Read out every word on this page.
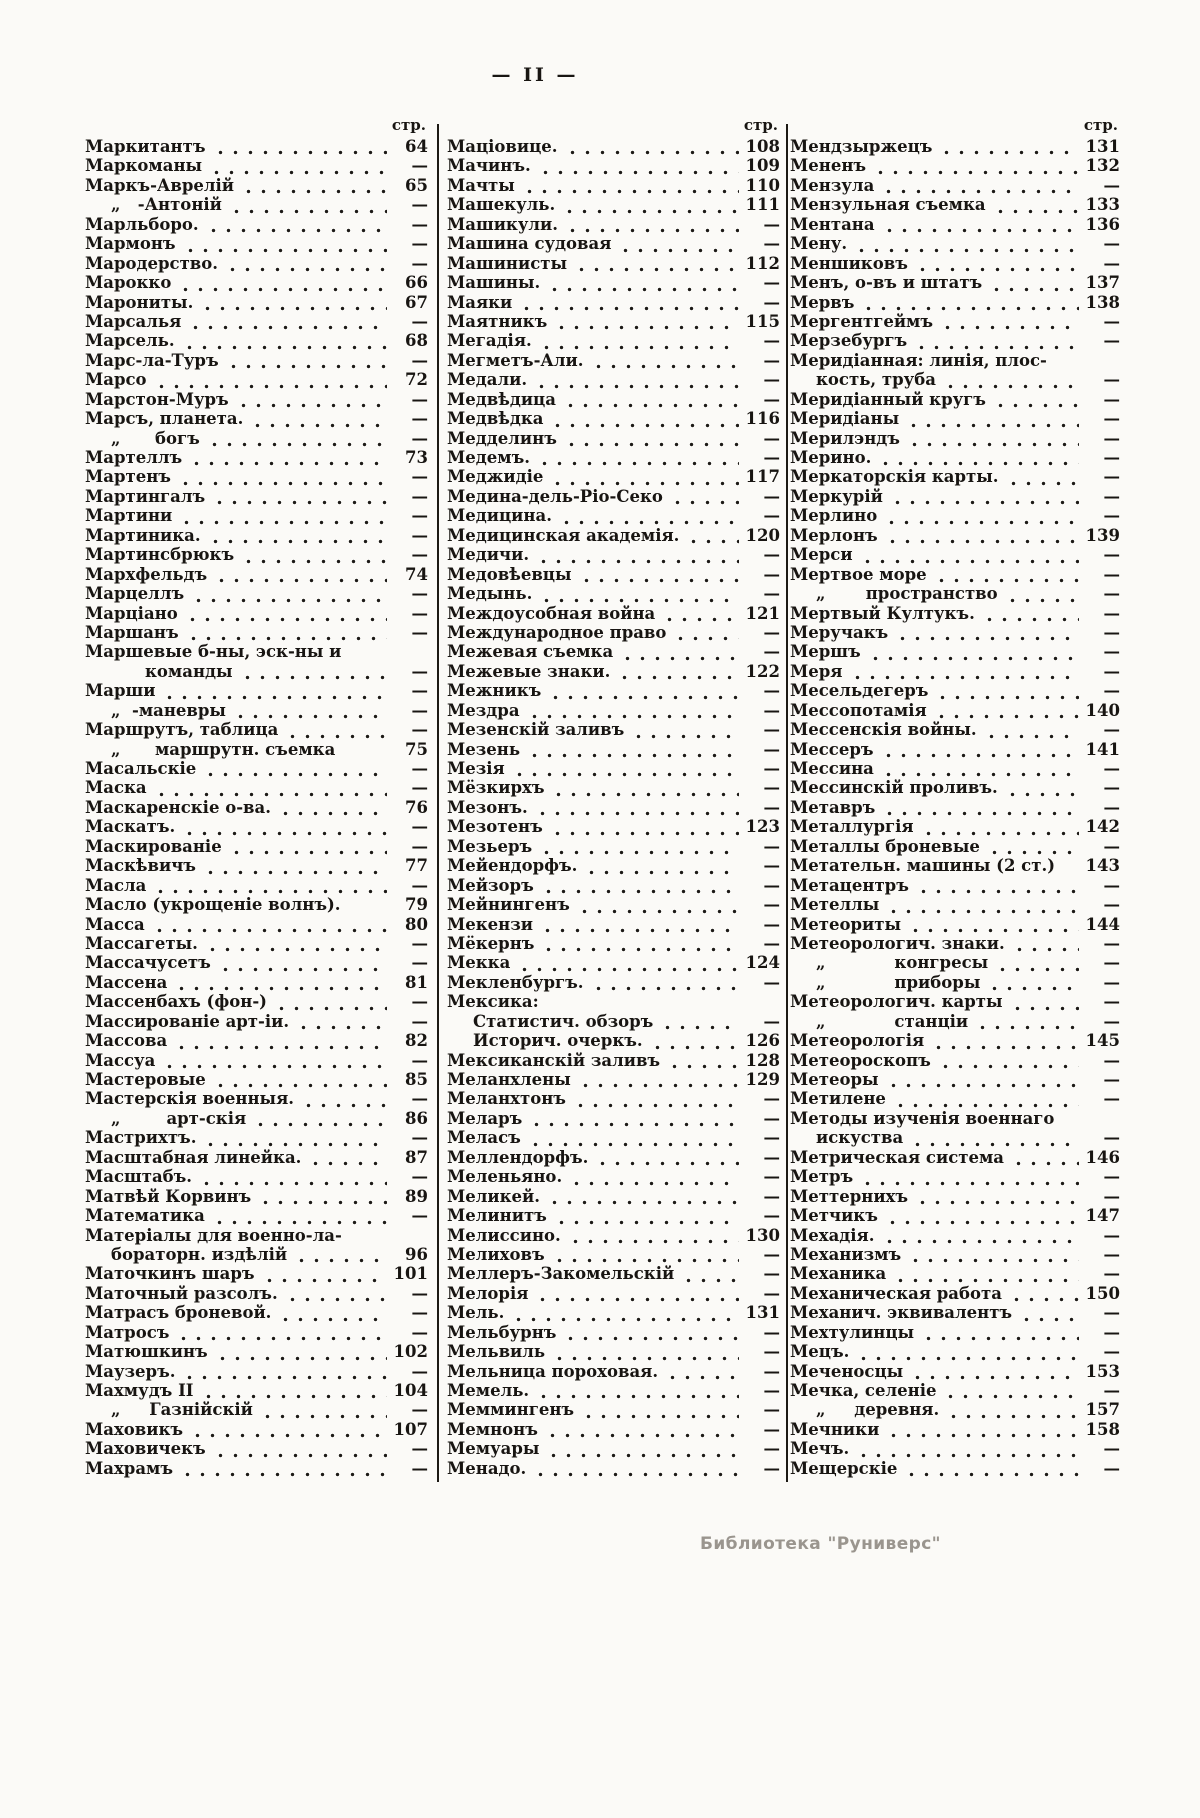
— II —
стр.
Маркитантъ	64
Маркоманы	—
Маркъ-Аврелій	65
„   -Антоній	—
Марльборо.	—
Мармонъ	—
Мародерство.	—
Марокко	66
Марониты.	67
Марсалья	—
Марсель.	68
Марс-ла-Туръ	—
Марсо	72
Марстон-Муръ	—
Марсъ, планета.	—
„      богъ	—
Мартеллъ	73
Мартенъ	—
Мартингалъ	—
Мартини	—
Мартиника.	—
Мартинсбрюкъ	—
Мархфельдъ	74
Марцеллъ	—
Марціано	—
Маршанъ	—
Маршевые б-ны, эск-ны и
команды	—
Марши	—
„  -маневры	—
Маршрутъ, таблица	—
„      маршрутн. съемка	75
Масальскіе	—
Маска	—
Маскаренскіе о-ва.	76
Маскатъ.	—
Маскированіе	—
Маскѣвичъ	77
Масла	—
Масло (укрощеніе волнъ).	79
Масса	80
Массагеты.	—
Массачусетъ	—
Массена	81
Массенбахъ (фон-)	—
Массированіе арт-іи.	—
Массова	82
Массуа	—
Мастеровые	85
Мастерскія военныя.	—
„        арт-скія	86
Мастрихтъ.	—
Масштабная линейка.	87
Масштабъ.	—
Матвѣй Корвинъ	89
Математика	—
Матеріалы для военно-ла-
бораторн. издѣлій	96
Маточкинъ шаръ	101
Маточный разсолъ.	—
Матрасъ броневой.	—
Матросъ	—
Матюшкинъ	102
Маузеръ.	—
Махмудъ II	104
„     Газнійскій	—
Маховикъ	107
Маховичекъ	—
Махрамъ	—
стр.
Маціовице.	108
Мачинъ.	109
Мачты	110
Машекуль.	111
Машикули.	—
Машина судовая	—
Машинисты	112
Машины.	—
Маяки	—
Маятникъ	115
Мегадія.	—
Мегметъ-Али.	—
Медали.	—
Медвѣдица	—
Медвѣдка	116
Медделинъ	—
Медемъ.	—
Меджидіе	117
Медина-дель-Ріо-Секо	—
Медицина.	—
Медицинская академія.	120
Медичи.	—
Медовѣевцы	—
Медынь.	—
Междоусобная война	121
Международное право	—
Межевая съемка	—
Межевые знаки.	122
Межникъ	—
Мездра	—
Мезенскій заливъ	—
Мезень	—
Мезія	—
Мёзкирхъ	—
Мезонъ.	—
Мезотенъ	123
Мезьеръ	—
Мейендорфъ.	—
Мейзоръ	—
Мейнингенъ	—
Мекензи	—
Мёкернъ	—
Мекка	124
Мекленбургъ.	—
Мексика:
Статистич. обзоръ	—
Историч. очеркъ.	126
Мексиканскій заливъ	128
Меланхлены	129
Меланхтонъ	—
Меларъ	—
Меласъ	—
Меллендорфъ.	—
Меленьяно.	—
Меликей.	—
Мелинитъ	—
Мелиссино.	130
Мелиховъ	—
Меллеръ-Закомельскій	—
Мелорія	—
Мель.	131
Мельбурнъ	—
Мельвиль	—
Мельница пороховая.	—
Мемель.	—
Меммингенъ	—
Мемнонъ	—
Мемуары	—
Менадо.	—
стр.
Мендзыржецъ	131
Мененъ	132
Мензула	—
Мензульная съемка	133
Ментана	136
Мену.	—
Меншиковъ	—
Менъ, о-въ и штатъ	137
Мервъ	138
Мергентгеймъ	—
Мерзебургъ	—
Меридіанная: линія, плос-
кость, труба	—
Меридіанный кругъ	—
Меридіаны	—
Мерилэндъ	—
Мерино.	—
Меркаторскія карты.	—
Меркурій	—
Мерлино	—
Мерлонъ	139
Мерси	—
Мертвое море	—
„       пространство	—
Мертвый Култукъ.	—
Меручакъ	—
Мершъ	—
Меря	—
Месельдегеръ	—
Мессопотамія	140
Мессенскія войны.	—
Мессеръ	141
Мессина	—
Мессинскій проливъ.	—
Метавръ	—
Металлургія	142
Металлы броневые	—
Метательн. машины (2 ст.) 143
Метацентръ	—
Метеллы	—
Метеориты	144
Метеорологич. знаки.	—
„            конгресы	—
„            приборы	—
Метеорологич. карты	—
„            станціи	—
Метеорологія	145
Метеороскопъ	—
Метеоры	—
Метилене	—
Методы изученія военнаго
искуства	—
Метрическая система	146
Метръ	—
Меттернихъ	—
Метчикъ	147
Мехадія.	—
Механизмъ	—
Механика	—
Механическая работа	150
Механич. эквивалентъ	—
Мехтулинцы	—
Мецъ.	—
Меченосцы	153
Мечка, селеніе	—
„     деревня.	157
Мечники	158
Мечъ.	—
Мещерскіе	—
Библиотека "Руниверс"
